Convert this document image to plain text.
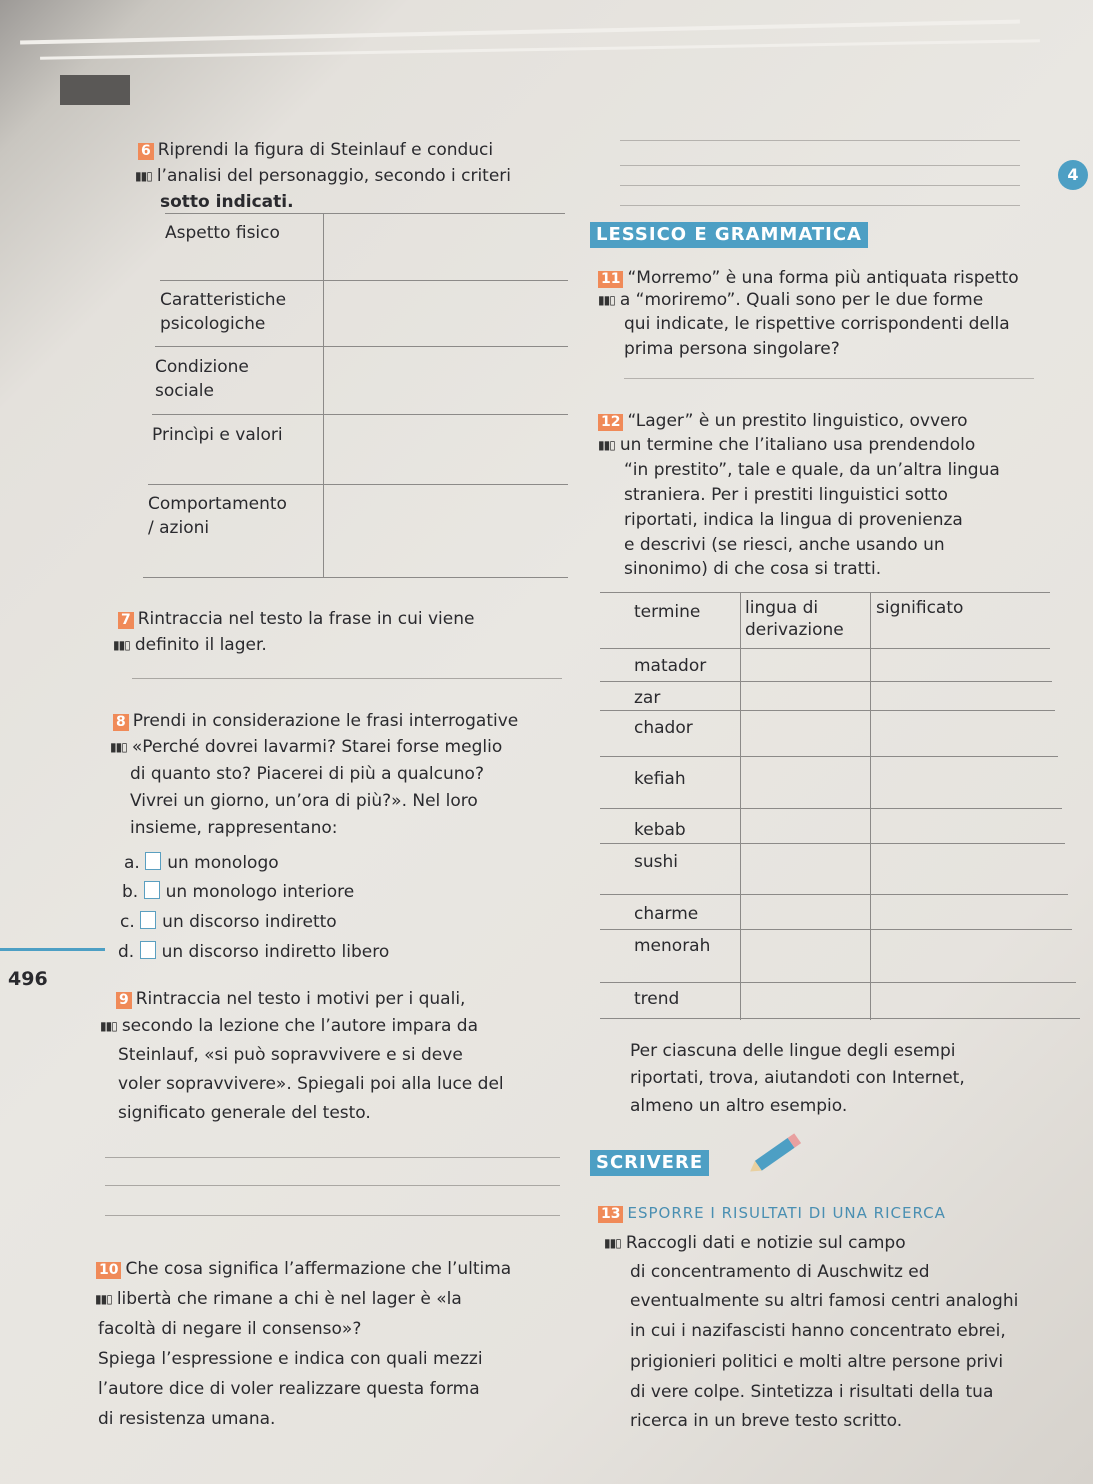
4
6 Riprendi la figura di Steinlauf e conduci
▮▮▯ l’analisi del personaggio, secondo i criteri
sotto indicati.
Aspetto fisico
Caratteristiche
psicologiche
Condizione
sociale
Princìpi e valori
Comportamento
/ azioni
LESSICO E GRAMMATICA
11 “Morremo” è una forma più antiquata rispetto
▮▮▯ a “moriremo”. Quali sono per le due forme
qui indicate, le rispettive corrispondenti della
prima persona singolare?
12 “Lager” è un prestito linguistico, ovvero
▮▮▯ un termine che l’italiano usa prendendolo
“in prestito”, tale e quale, da un’altra lingua
straniera. Per i prestiti linguistici sotto
riportati, indica la lingua di provenienza
e descrivi (se riesci, anche usando un
sinonimo) di che cosa si tratti.
termine	lingua di
derivazione
significato
matador
zar
chador
kefiah
kebab
sushi
charme
menorah
trend
Per ciascuna delle lingue degli esempi
riportati, trova, aiutandoti con Internet,
almeno un altro esempio.
7 Rintraccia nel testo la frase in cui viene
▮▮▯ definito il lager.
8 Prendi in considerazione le frasi interrogative
▮▮▯ «Perché dovrei lavarmi? Starei forse meglio
di quanto sto? Piacerei di più a qualcuno?
Vivrei un giorno, un’ora di più?». Nel loro
insieme, rappresentano:
a. un monologo
b. un monologo interiore
c. un discorso indiretto
d. un discorso indiretto libero
496
9 Rintraccia nel testo i motivi per i quali,
▮▮▯ secondo la lezione che l’autore impara da
Steinlauf, «si può sopravvivere e si deve
voler sopravvivere». Spiegali poi alla luce del
significato generale del testo.
SCRIVERE
13 ESPORRE I RISULTATI DI UNA RICERCA
▮▮▯ Raccogli dati e notizie sul campo
di concentramento di Auschwitz ed
eventualmente su altri famosi centri analoghi
in cui i nazifascisti hanno concentrato ebrei,
prigionieri politici e molti altre persone privi
di vere colpe. Sintetizza i risultati della tua
ricerca in un breve testo scritto.
10 Che cosa significa l’affermazione che l’ultima
▮▮▯ libertà che rimane a chi è nel lager è «la
facoltà di negare il consenso»?
Spiega l’espressione e indica con quali mezzi
l’autore dice di voler realizzare questa forma
di resistenza umana.
